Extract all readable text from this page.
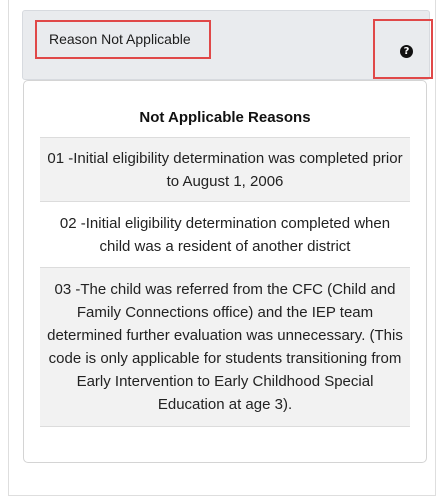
Reason Not Applicable
?
Not Applicable Reasons
01 -Initial eligibility determination was completed prior to August 1, 2006
02 -Initial eligibility determination completed when child was a resident of another district
03 -The child was referred from the CFC (Child and Family Connections office) and the IEP team determined further evaluation was unnecessary. (This code is only applicable for students transitioning from Early Intervention to Early Childhood Special Education at age 3).
